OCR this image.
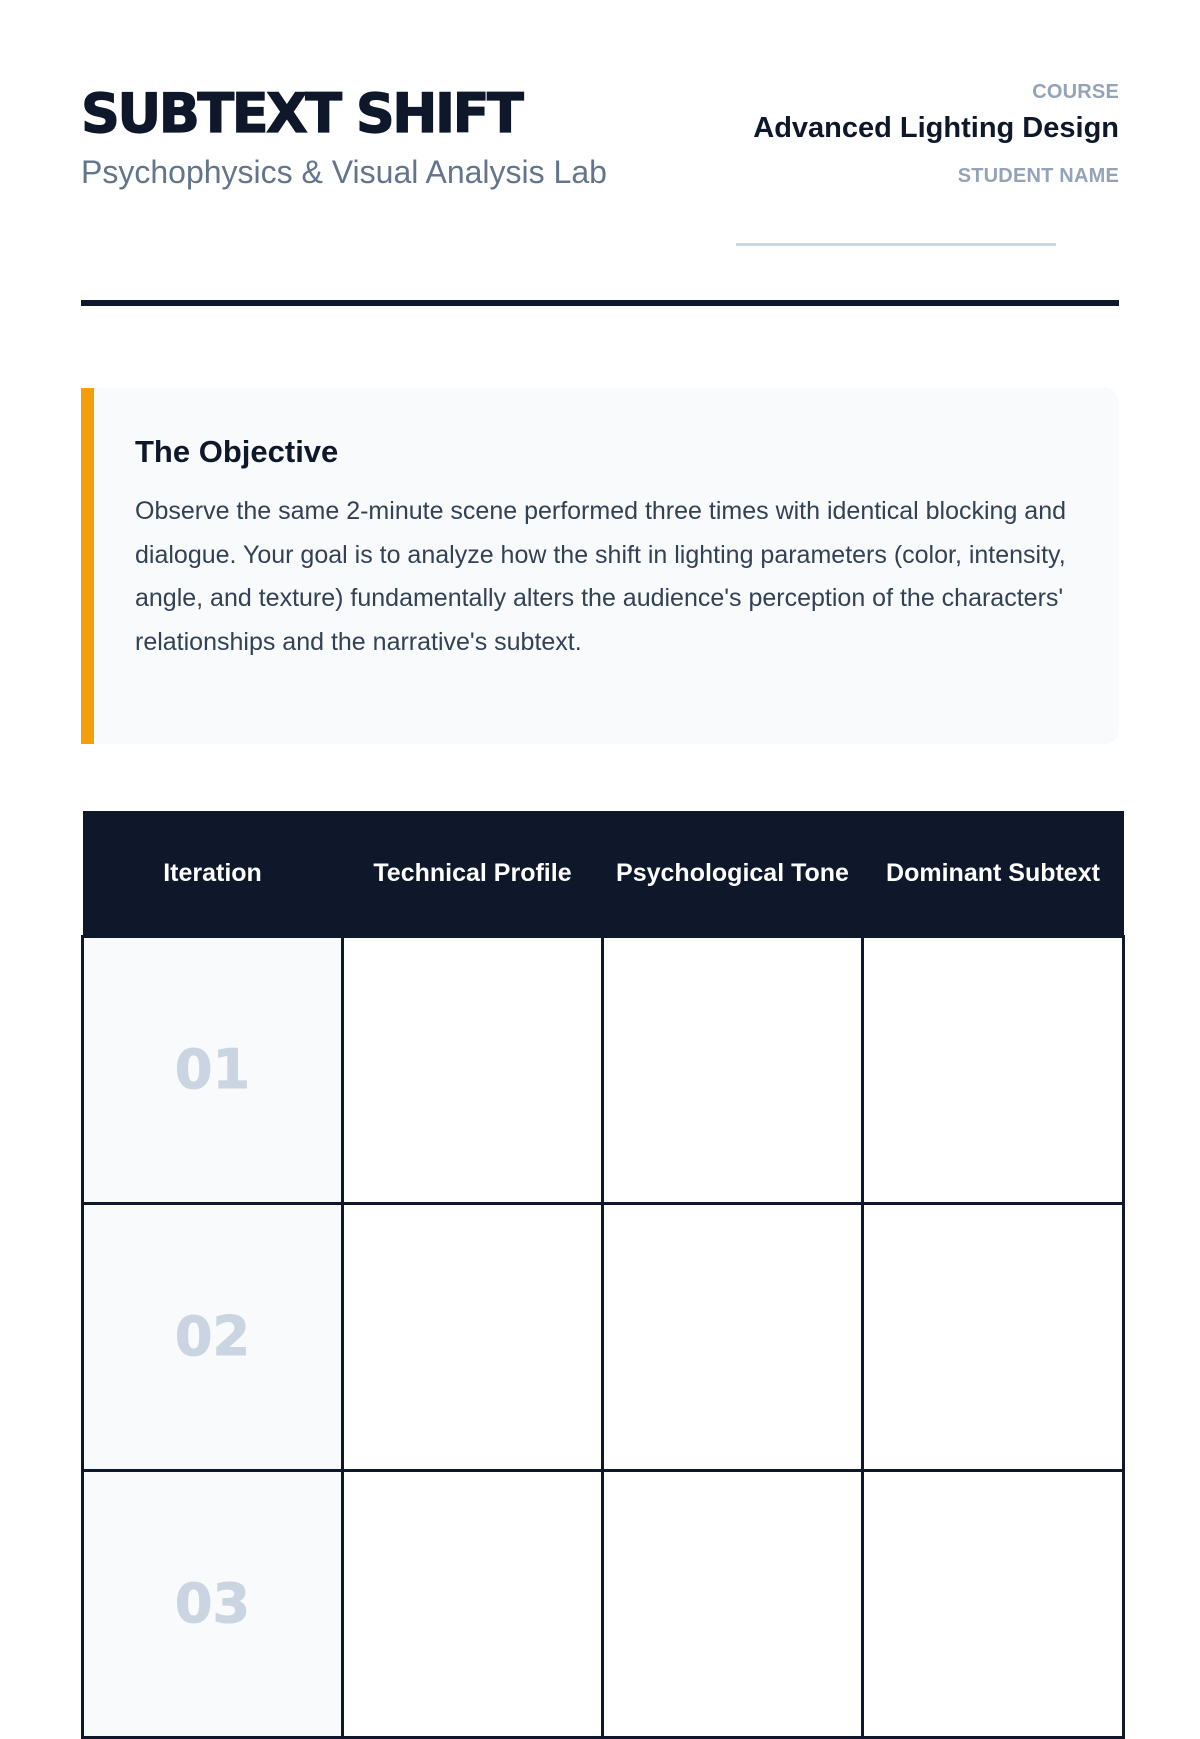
SUBTEXT SHIFT
Psychophysics & Visual Analysis Lab
COURSE
Advanced Lighting Design
STUDENT NAME
The Objective
Observe the same 2-minute scene performed three times with identical blocking and dialogue. Your goal is to analyze how the shift in lighting parameters (color, intensity, angle, and texture) fundamentally alters the audience's perception of the characters' relationships and the narrative's subtext.
Iteration	Technical Profile	Psychological Tone	Dominant Subtext
01			
02			
03			
